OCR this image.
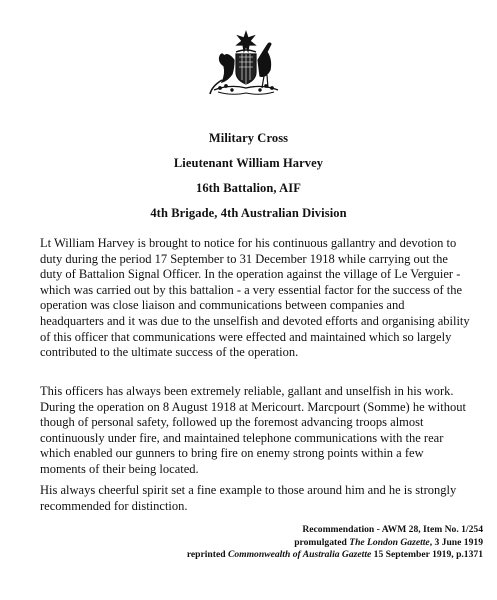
Military Cross
Lieutenant William Harvey
16th Battalion, AIF
4th Brigade, 4th Australian Division

Lt William Harvey is brought to notice for his continuous gallantry and devotion to duty during the period 17 September to 31 December 1918 while carrying out the duty of Battalion Signal Officer. In the operation against the village of Le Verguier - which was carried out by this battalion - a very essential factor for the success of the operation was close liaison and communications between companies and headquarters and it was due to the unselfish and devoted efforts and organising ability of this officer that communications were effected and maintained which so largely contributed to the ultimate success of the operation.

This officers has always been extremely reliable, gallant and unselfish in his work. During the operation on 8 August 1918 at Mericourt. Marcpourt (Somme) he without though of personal safety, followed up the foremost advancing troops almost continuously under fire, and maintained telephone communications with the rear which enabled our gunners to bring fire on enemy strong points within a few moments of their being located.

His always cheerful spirit set a fine example to those around him and he is strongly recommended for distinction.

Recommendation - AWM 28, Item No. 1/254
promulgated The London Gazette, 3 June 1919
reprinted Commonwealth of Australia Gazette 15 September 1919, p.1371
